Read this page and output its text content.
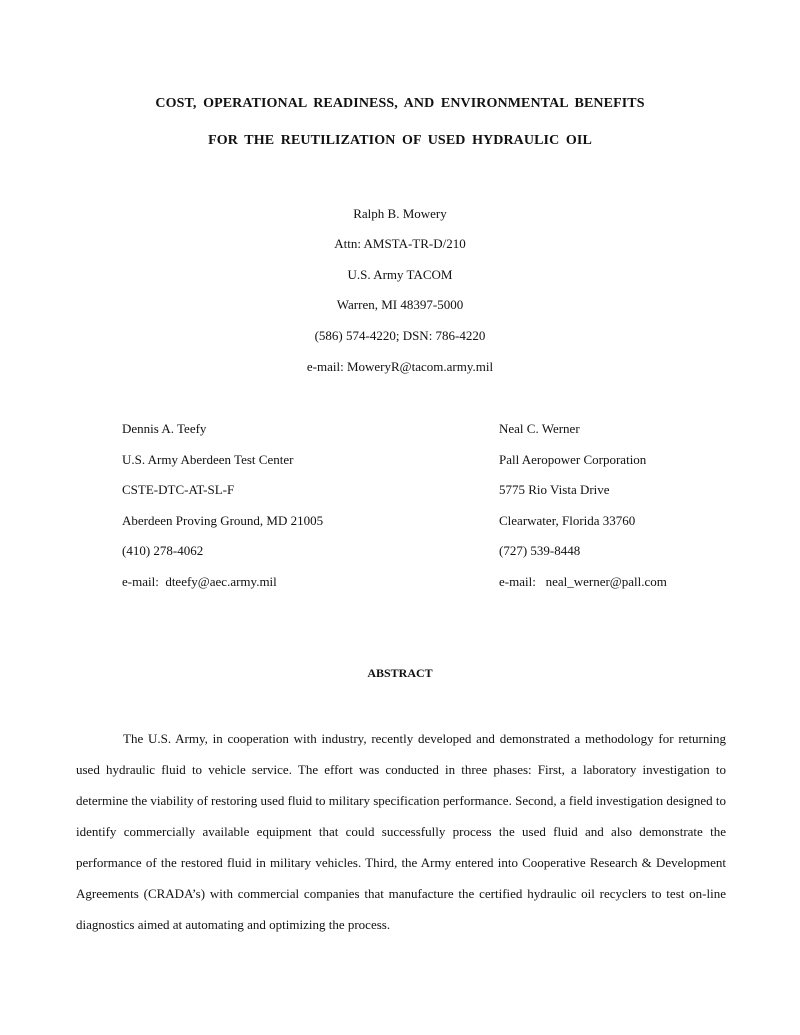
COST, OPERATIONAL READINESS, AND ENVIRONMENTAL BENEFITS
FOR THE REUTILIZATION OF USED HYDRAULIC OIL
Ralph B. Mowery
Attn: AMSTA-TR-D/210
U.S. Army TACOM
Warren, MI 48397-5000
(586) 574-4220; DSN: 786-4220
e-mail: MoweryR@tacom.army.mil
Dennis A. Teefy
U.S. Army Aberdeen Test Center
CSTE-DTC-AT-SL-F
Aberdeen Proving Ground, MD 21005
(410) 278-4062
e-mail:  dteefy@aec.army.mil
Neal C. Werner
Pall Aeropower Corporation
5775 Rio Vista Drive
Clearwater, Florida 33760
(727) 539-8448
e-mail:   neal_werner@pall.com
ABSTRACT

The U.S. Army, in cooperation with industry, recently developed and demonstrated a methodology for returning used hydraulic fluid to vehicle service. The effort was conducted in three phases: First, a laboratory investigation to determine the viability of restoring used fluid to military specification performance. Second, a field investigation designed to identify commercially available equipment that could successfully process the used fluid and also demonstrate the performance of the restored fluid in military vehicles. Third, the Army entered into Cooperative Research & Development Agreements (CRADA’s) with commercial companies that manufacture the certified hydraulic oil recyclers to test on-line diagnostics aimed at automating and optimizing the process.
